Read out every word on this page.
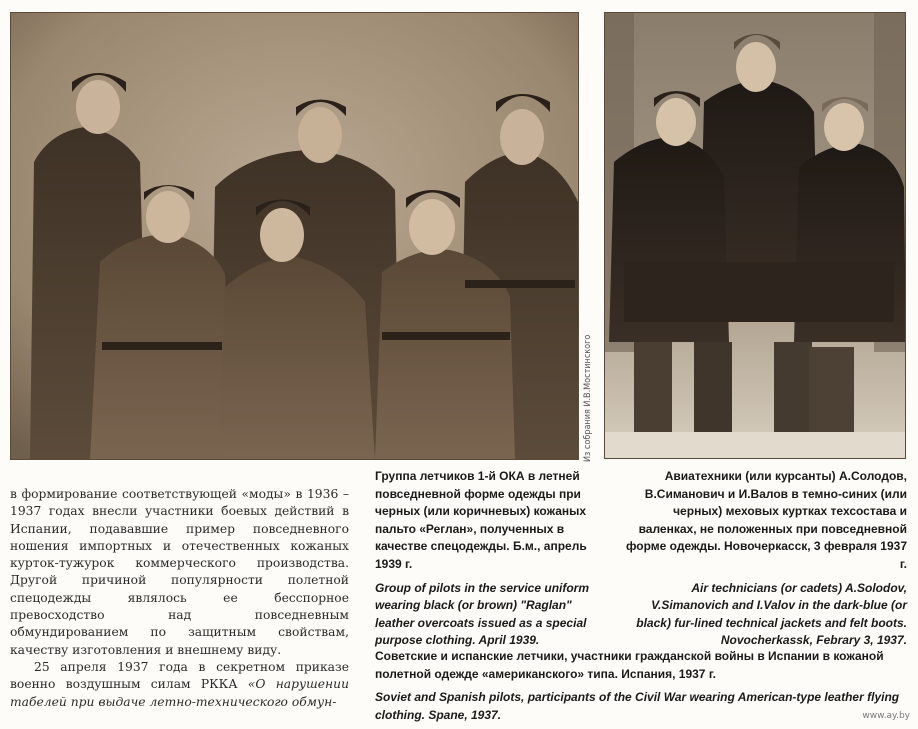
Из собрания И.В.Мостинского

в формирование соответствующей «моды» в 1936 – 1937 годах внесли участники боевых действий в Испании, подававшие пример повседневного ношения импортных и отечественных кожаных курток-тужурок коммерческого производства. Другой причиной популярности полетной спецодежды являлось ее бесспорное превосходство над повседневным обмундированием по защитным свойствам, качеству изготовления и внешнему виду.

25 апреля 1937 года в секретном приказе военно воздушным силам РККА «О нарушении табелей при выдаче летно-технического обмун-

Группа летчиков 1-й ОКА в летней повседневной форме одежды при черных (или коричневых) кожаных пальто «Реглан», полученных в качестве спецодежды. Б.м., апрель 1939 г.

Group of pilots in the service uniform wearing black (or brown) "Raglan" leather overcoats issued as a special purpose clothing. April 1939.

Авиатехники (или курсанты) А.Солодов, В.Симанович и И.Валов в темно-синих (или черных) меховых куртках техсостава и валенках, не положенных при повседневной форме одежды. Новочеркасск, 3 февраля 1937 г.

Air technicians (or cadets) A.Solodov, V.Simanovich and I.Valov in the dark-blue (or black) fur-lined technical jackets and felt boots. Novocherkassk, Febrary 3, 1937.

Советские и испанские летчики, участники гражданской войны в Испании в кожаной полетной одежде «американского» типа. Испания, 1937 г.

Soviet and Spanish pilots, participants of the Civil War wearing American-type leather flying clothing. Spane, 1937.	www.ay.by
